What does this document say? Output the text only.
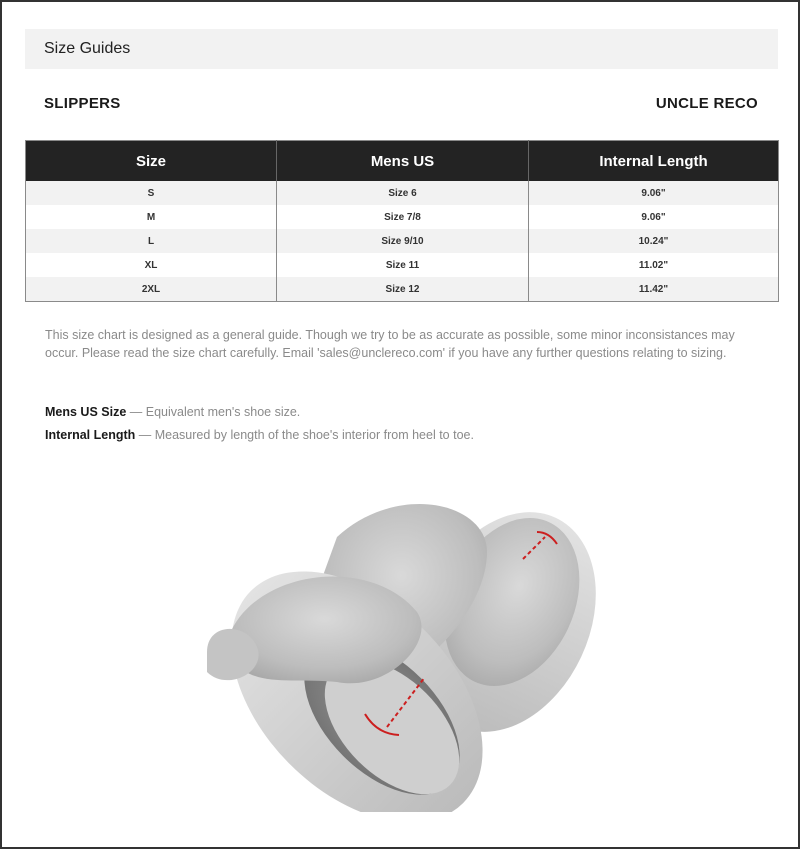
Size Guides
SLIPPERS	UNCLE RECO
Size	Mens US	Internal Length
S	Size 6	9.06"
M	Size 7/8	9.06"
L	Size 9/10	10.24"
XL	Size 11	11.02"
2XL	Size 12	11.42"
This size chart is designed as a general guide. Though we try to be as accurate as possible, some minor inconsistances may occur. Please read the size chart carefully. Email 'sales@unclereco.com' if you have any further questions relating to sizing.
Mens US Size — Equivalent men's shoe size.
Internal Length — Measured by length of the shoe's interior from heel to toe.
